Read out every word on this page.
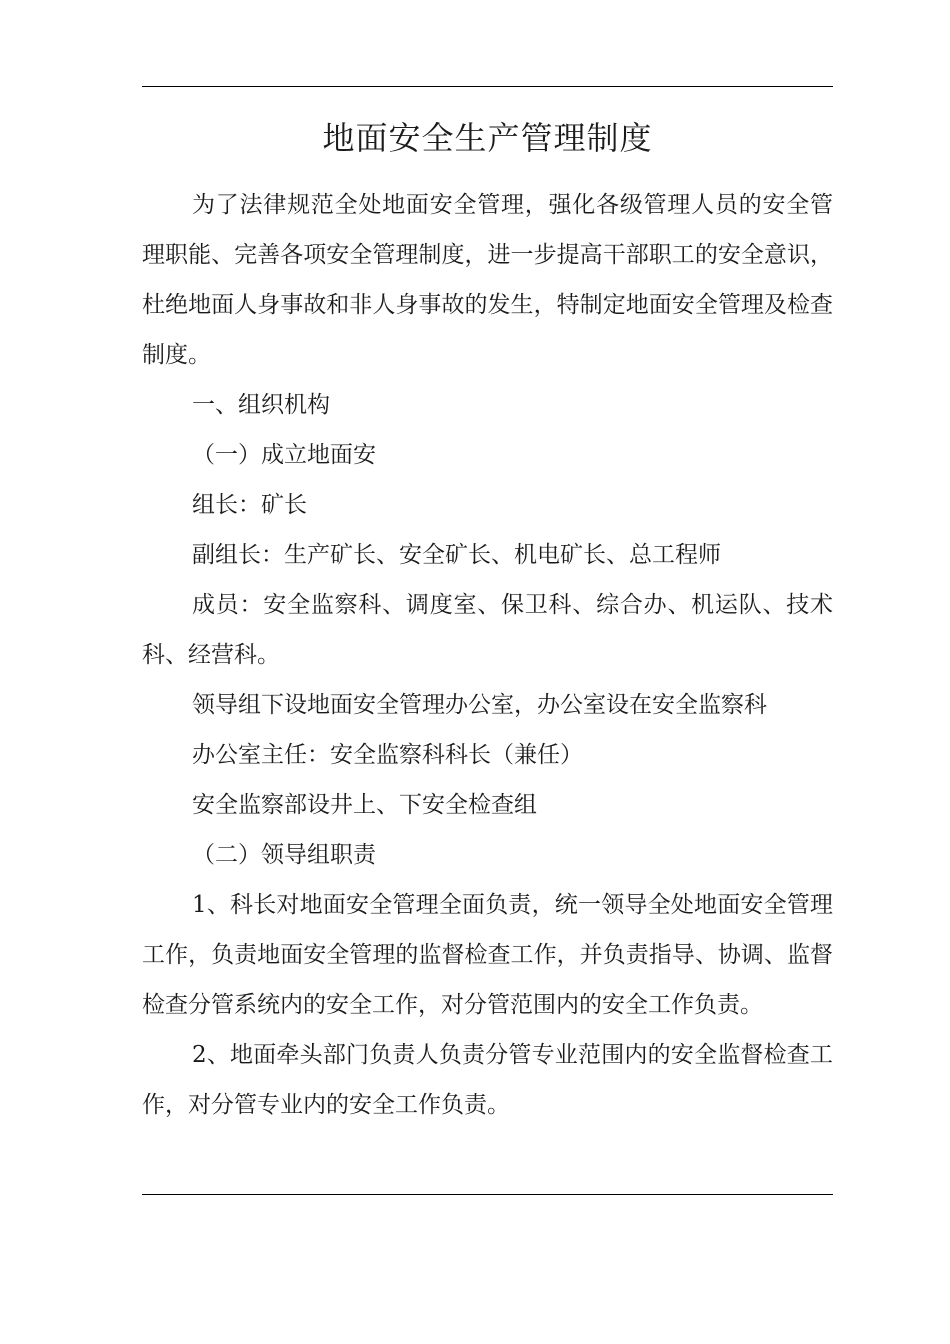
地面安全生产管理制度

为了法律规范全处地面安全管理，强化各级管理人员的安全管理职能、完善各项安全管理制度，进一步提高干部职工的安全意识，杜绝地面人身事故和非人身事故的发生，特制定地面安全管理及检查制度。

一、组织机构

（一）成立地面安

组长：矿长

副组长：生产矿长、安全矿长、机电矿长、总工程师

成员：安全监察科、调度室、保卫科、综合办、机运队、技术科、经营科。

领导组下设地面安全管理办公室，办公室设在安全监察科

办公室主任：安全监察科科长（兼任）

安全监察部设井上、下安全检查组

（二）领导组职责

1、科长对地面安全管理全面负责，统一领导全处地面安全管理工作，负责地面安全管理的监督检查工作，并负责指导、协调、监督检查分管系统内的安全工作，对分管范围内的安全工作负责。

2、地面牵头部门负责人负责分管专业范围内的安全监督检查工作，对分管专业内的安全工作负责。
